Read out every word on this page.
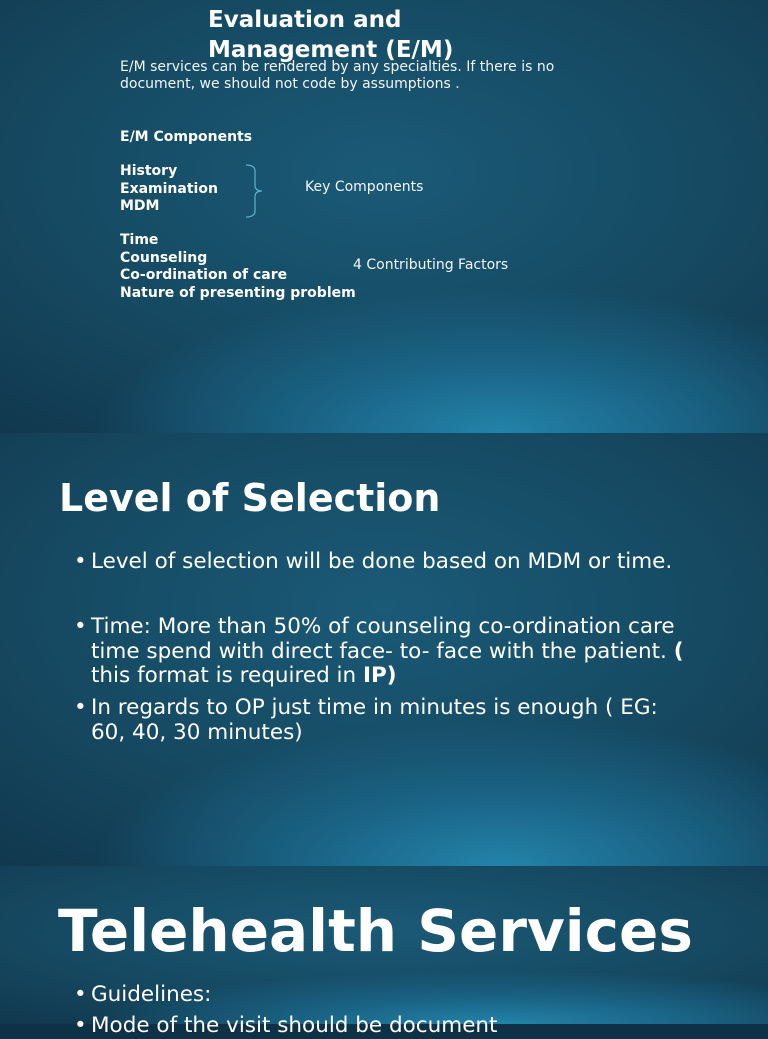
Evaluation and
Management (E/M)
E/M services can be rendered by any specialties. If there is no
document, we should not code by assumptions .
E/M Components
History
Examination
MDM
Key Components
Time
Counseling
Co-ordination of care
Nature of presenting problem
4 Contributing Factors
Level of Selection
• Level of selection will be done based on MDM or time.
• Time: More than 50% of counseling co-ordination care
time spend with direct face- to- face with the patient. (
this format is required in IP)
• In regards to OP just time in minutes is enough ( EG:
60, 40, 30 minutes)
Telehealth Services
• Guidelines:
• Mode of the visit should be document
